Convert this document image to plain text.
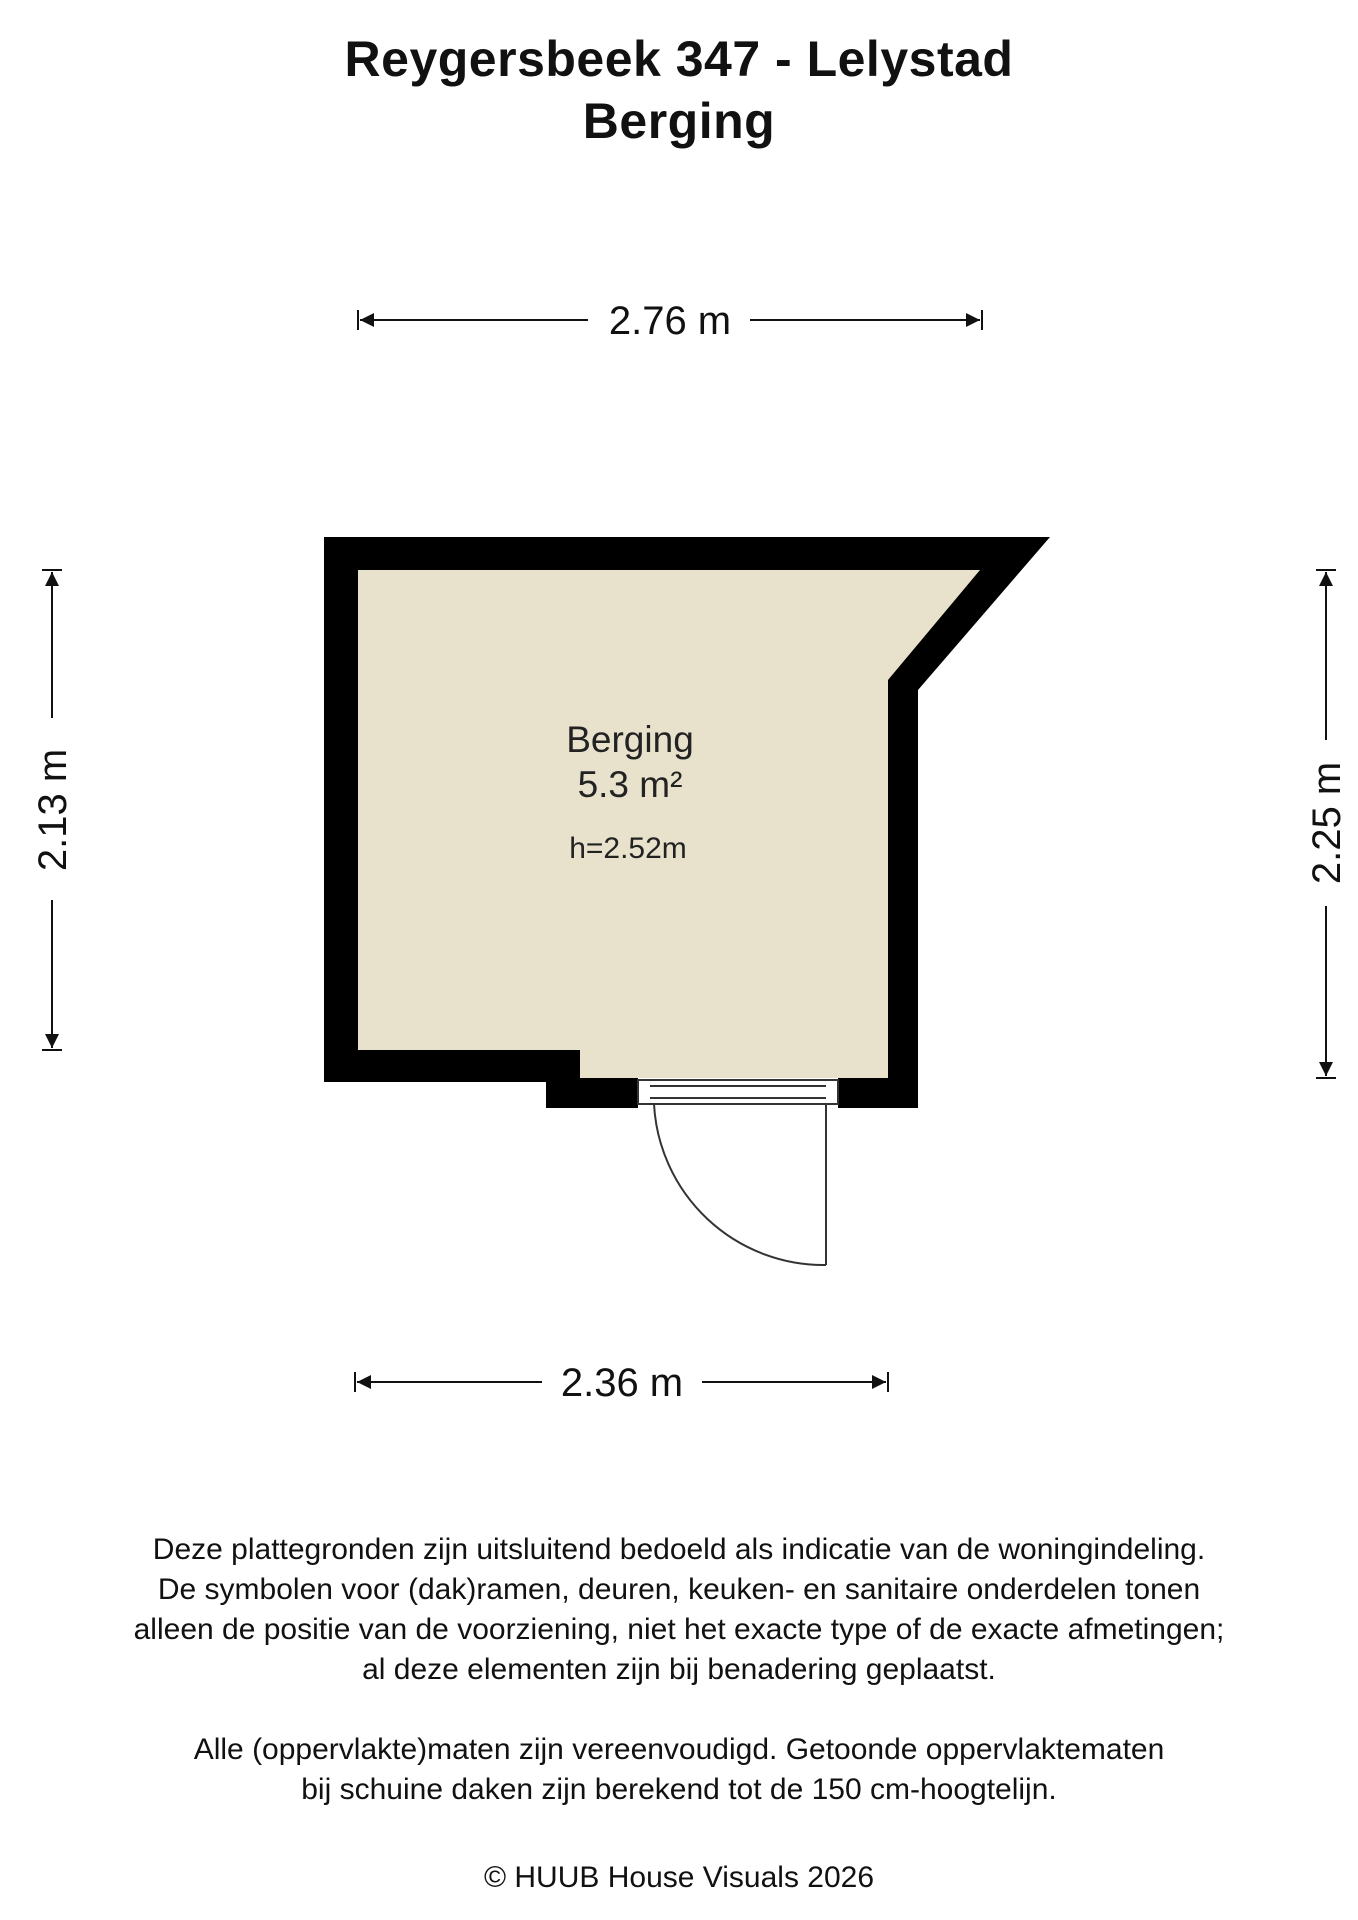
Reygersbeek 347 - Lelystad
Berging
2.76 m
2.36 m
2.13 m	2.25 m
Berging
5.3 m²
h=2.52m

Deze plattegronden zijn uitsluitend bedoeld als indicatie van de woningindeling.

De symbolen voor (dak)ramen, deuren, keuken- en sanitaire onderdelen tonen

alleen de positie van de voorziening, niet het exacte type of de exacte afmetingen;

al deze elementen zijn bij benadering geplaatst.

Alle (oppervlakte)maten zijn vereenvoudigd. Getoonde oppervlaktematen

bij schuine daken zijn berekend tot de 150 cm-hoogtelijn.

© HUUB House Visuals 2026
